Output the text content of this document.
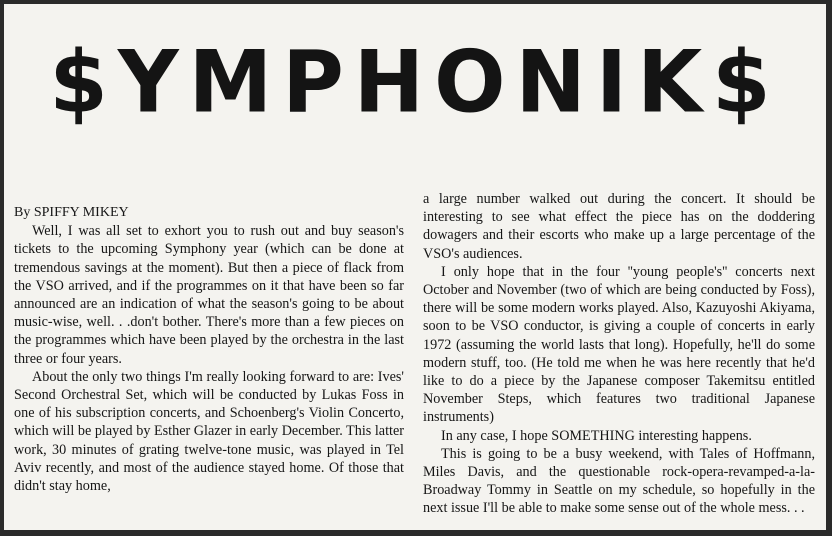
$YMPHONIK$

By SPIFFY MIKEY

Well, I was all set to exhort you to rush out and buy season's tickets to the upcoming Symphony year (which can be done at tremendous savings at the moment). But then a piece of flack from the VSO arrived, and if the programmes on it that have been so far announced are an indication of what the season's going to be about music-wise, well. . .don't bother. There's more than a few pieces on the programmes which have been played by the orchestra in the last three or four years.

About the only two things I'm really looking forward to are: Ives' Second Orchestral Set, which will be conducted by Lukas Foss in one of his subscription concerts, and Schoenberg's Violin Concerto, which will be played by Esther Glazer in early December. This latter work, 30 minutes of grating twelve-tone music, was played in Tel Aviv recently, and most of the audience stayed home. Of those that didn't stay home,

a large number walked out during the concert. It should be interesting to see what effect the piece has on the doddering dowagers and their escorts who make up a large percentage of the VSO's audiences.

I only hope that in the four ''young people's'' concerts next October and November (two of which are being conducted by Foss), there will be some modern works played. Also, Kazuyoshi Akiyama, soon to be VSO conductor, is giving a couple of concerts in early 1972 (assuming the world lasts that long). Hopefully, he'll do some modern stuff, too. (He told me when he was here recently that he'd like to do a piece by the Japanese composer Takemitsu entitled November Steps, which features two traditional Japanese instruments)

In any case, I hope SOMETHING interesting happens.

This is going to be a busy weekend, with Tales of Hoffmann, Miles Davis, and the questionable rock-opera-revamped-a-la-Broadway Tommy in Seattle on my schedule, so hopefully in the next issue I'll be able to make some sense out of the whole mess. . .
